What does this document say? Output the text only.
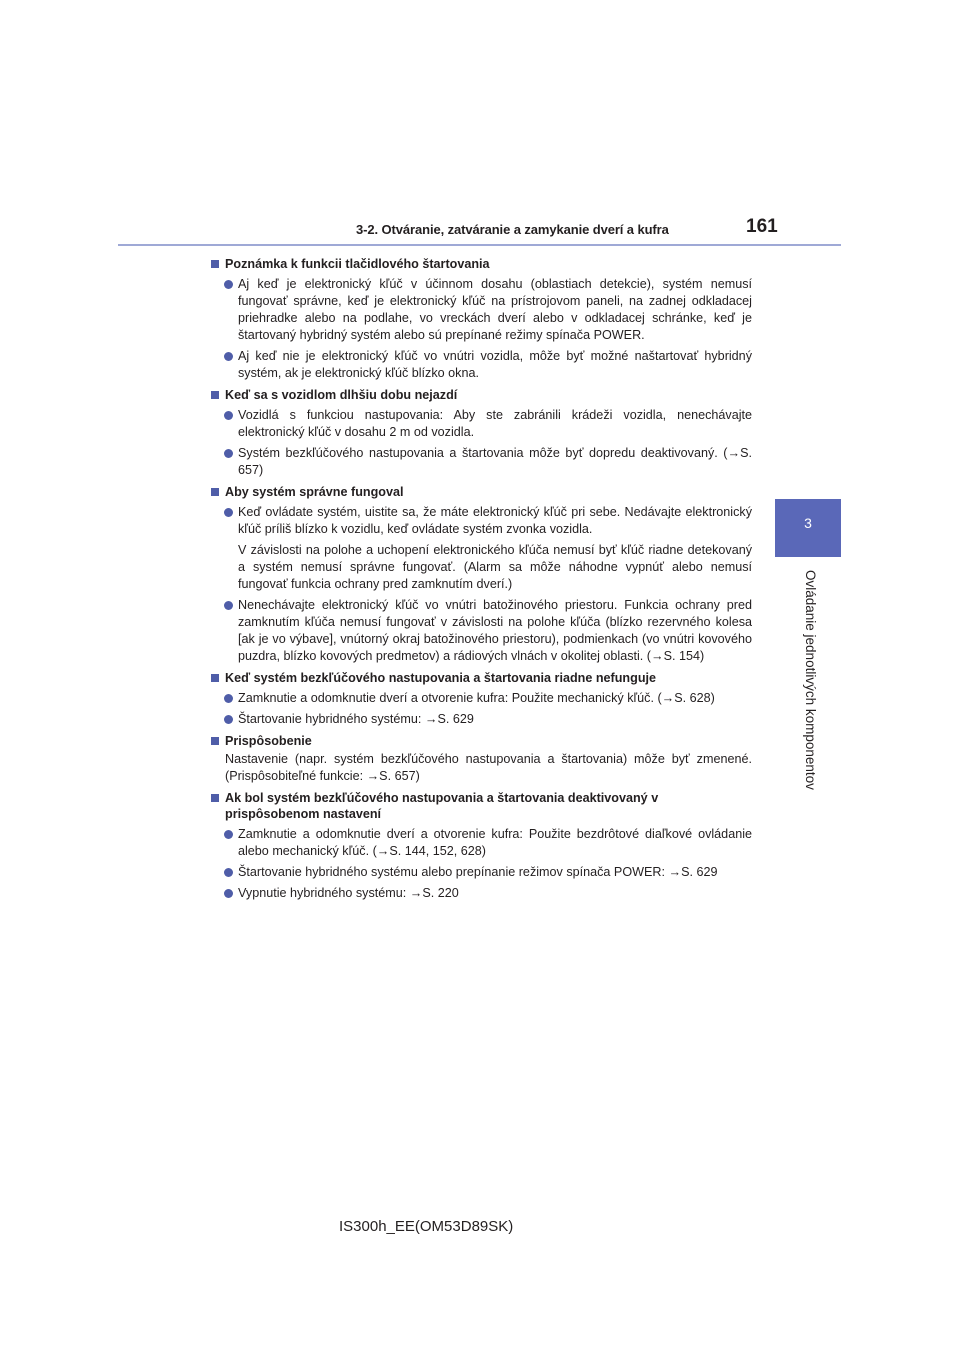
3-2. Otváranie, zatváranie a zamykanie dverí a kufra	161
3
Ovládanie jednotlivých komponentov
Poznámka k funkcii tlačidlového štartovania

Aj keď je elektronický kľúč v účinnom dosahu (oblastiach detekcie), systém nemusí fungovať správne, keď je elektronický kľúč na prístrojovom paneli, na zadnej odkladacej priehradke alebo na podlahe, vo vreckách dverí alebo v odkladacej schránke, keď je štartovaný hybridný systém alebo sú prepínané režimy spínača POWER.

Aj keď nie je elektronický kľúč vo vnútri vozidla, môže byť možné naštartovať hybridný systém, ak je elektronický kľúč blízko okna.

Keď sa s vozidlom dlhšiu dobu nejazdí

Vozidlá s funkciou nastupovania: Aby ste zabránili krádeži vozidla, nenechávajte elektronický kľúč v dosahu 2 m od vozidla.

Systém bezkľúčového nastupovania a štartovania môže byť dopredu deaktivovaný. (→S. 657)

Aby systém správne fungoval

Keď ovládate systém, uistite sa, že máte elektronický kľúč pri sebe. Nedávajte elektronický kľúč príliš blízko k vozidlu, keď ovládate systém zvonka vozidla.

V závislosti na polohe a uchopení elektronického kľúča nemusí byť kľúč riadne detekovaný a systém nemusí správne fungovať. (Alarm sa môže náhodne vypnúť alebo nemusí fungovať funkcia ochrany pred zamknutím dverí.)

Nenechávajte elektronický kľúč vo vnútri batožinového priestoru. Funkcia ochrany pred zamknutím kľúča nemusí fungovať v závislosti na polohe kľúča (blízko rezervného kolesa [ak je vo výbave], vnútorný okraj batožinového priestoru), podmienkach (vo vnútri kovového puzdra, blízko kovových predmetov) a rádiových vlnách v okolitej oblasti. (→S. 154)

Keď systém bezkľúčového nastupovania a štartovania riadne nefunguje

Zamknutie a odomknutie dverí a otvorenie kufra: Použite mechanický kľúč. (→S. 628)

Štartovanie hybridného systému: →S. 629

Prispôsobenie
Nastavenie (napr. systém bezkľúčového nastupovania a štartovania) môže byť zmenené. (Prispôsobiteľné funkcie: →S. 657)
Ak bol systém bezkľúčového nastupovania a štartovania deaktivovaný v prispôsobenom nastavení

Zamknutie a odomknutie dverí a otvorenie kufra: Použite bezdrôtové diaľkové ovládanie alebo mechanický kľúč. (→S. 144, 152, 628)

Štartovanie hybridného systému alebo prepínanie režimov spínača POWER: →S. 629

Vypnutie hybridného systému: →S. 220

IS300h_EE(OM53D89SK)
